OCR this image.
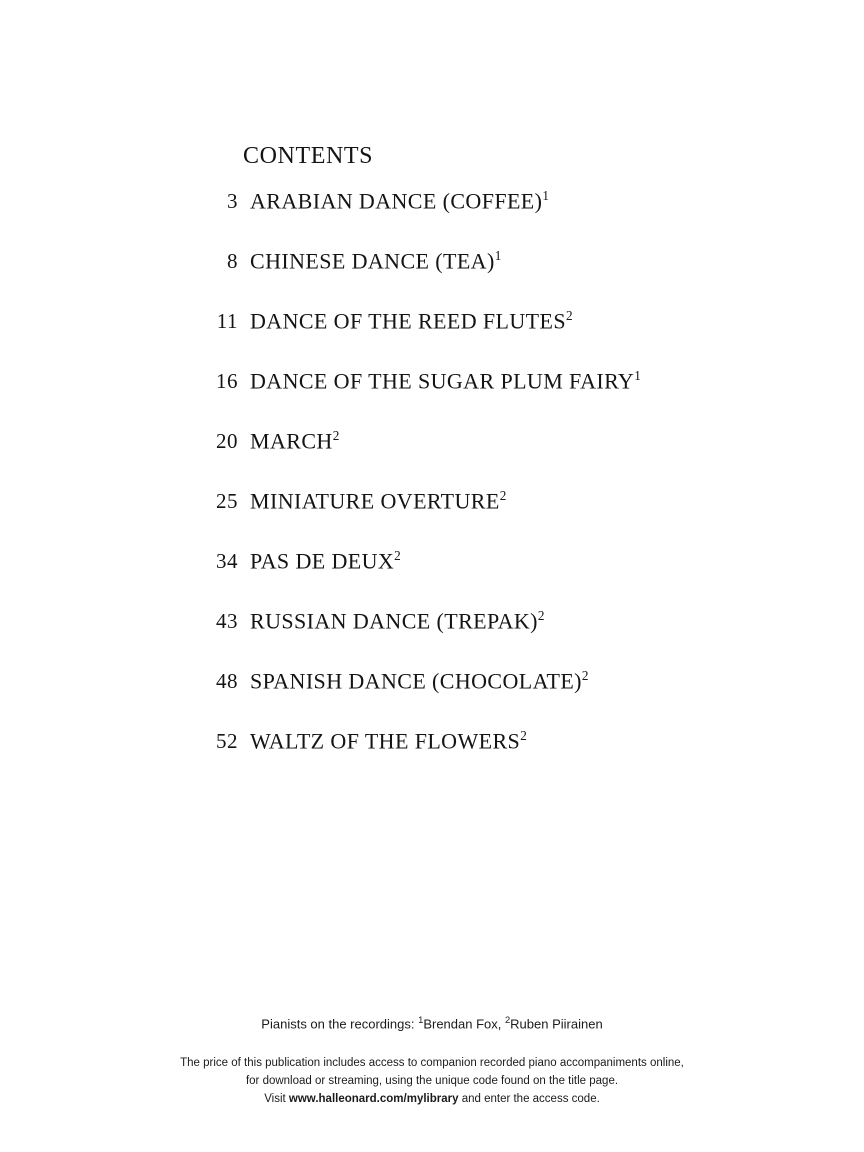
CONTENTS
3 ARABIAN DANCE (COFFEE)$^1$
8 CHINESE DANCE (TEA)$^1$
11 DANCE OF THE REED FLUTES$^2$
16 DANCE OF THE SUGAR PLUM FAIRY$^1$
20 MARCH$^2$
25 MINIATURE OVERTURE$^2$
34 PAS DE DEUX$^2$
43 RUSSIAN DANCE (TREPAK)$^2$
48 SPANISH DANCE (CHOCOLATE)$^2$
52 WALTZ OF THE FLOWERS$^2$
Pianists on the recordings: $^1$Brendan Fox, $^2$Ruben Piirainen
The price of this publication includes access to companion recorded piano accompaniments online,
for download or streaming, using the unique code found on the title page.
Visit www.halleonard.com/mylibrary and enter the access code.
